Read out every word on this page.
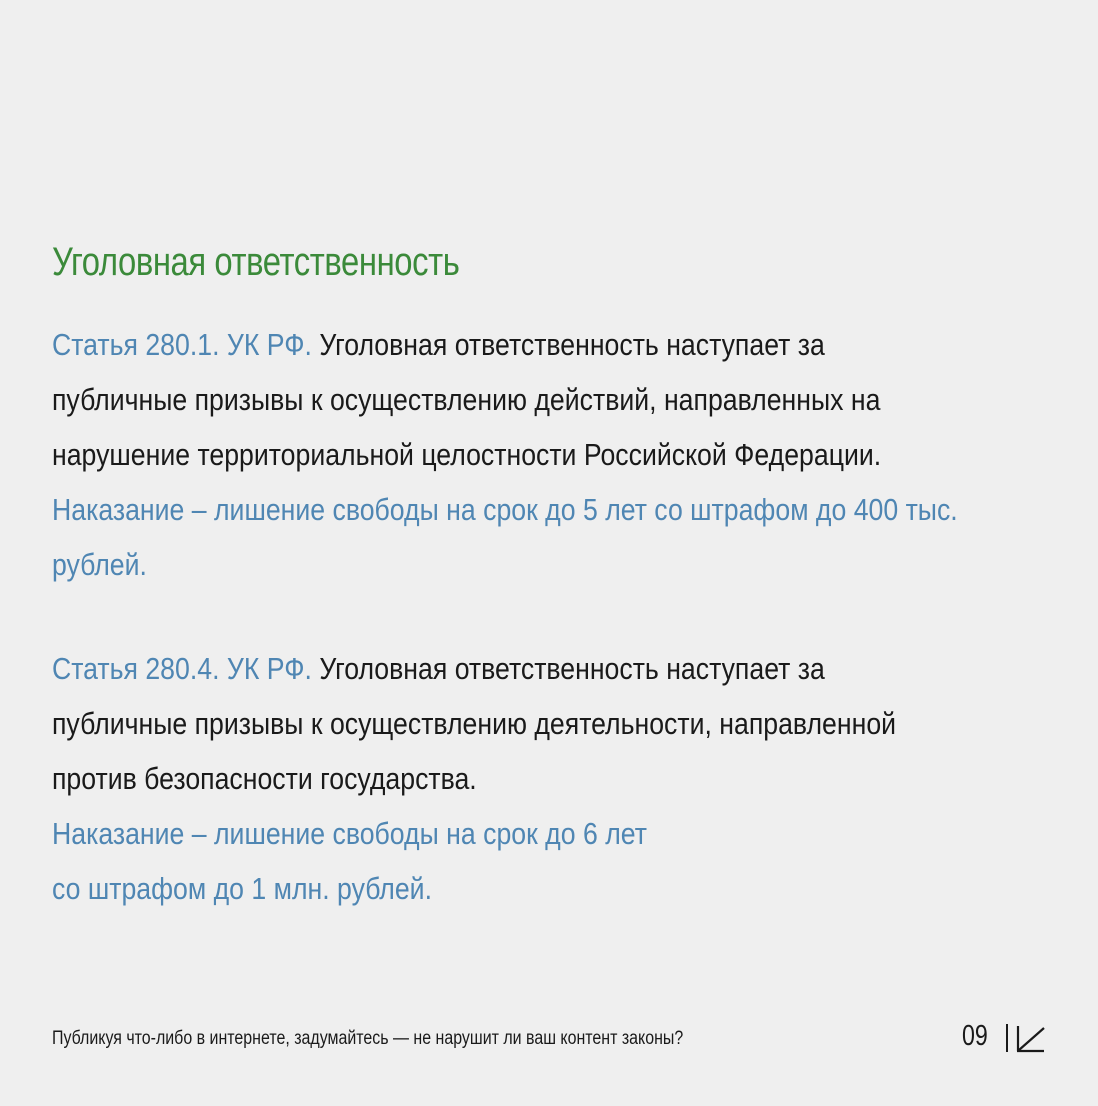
Уголовная ответственность

Статья 280.1. УК РФ. Уголовная ответственность наступает за публичные призывы к осуществлению действий, направленных на нарушение территориальной целостности Российской Федерации. Наказание – лишение свободы на срок до 5 лет со штрафом до 400 тыс. рублей.

Статья 280.4. УК РФ. Уголовная ответственность наступает за публичные призывы к осуществлению деятельности, направленной против безопасности государства.

Наказание – лишение свободы на срок до 6 лет

со штрафом до 1 млн. рублей.

Публикуя что-либо в интернете, задумайтесь — не нарушит ли ваш контент законы?	09
